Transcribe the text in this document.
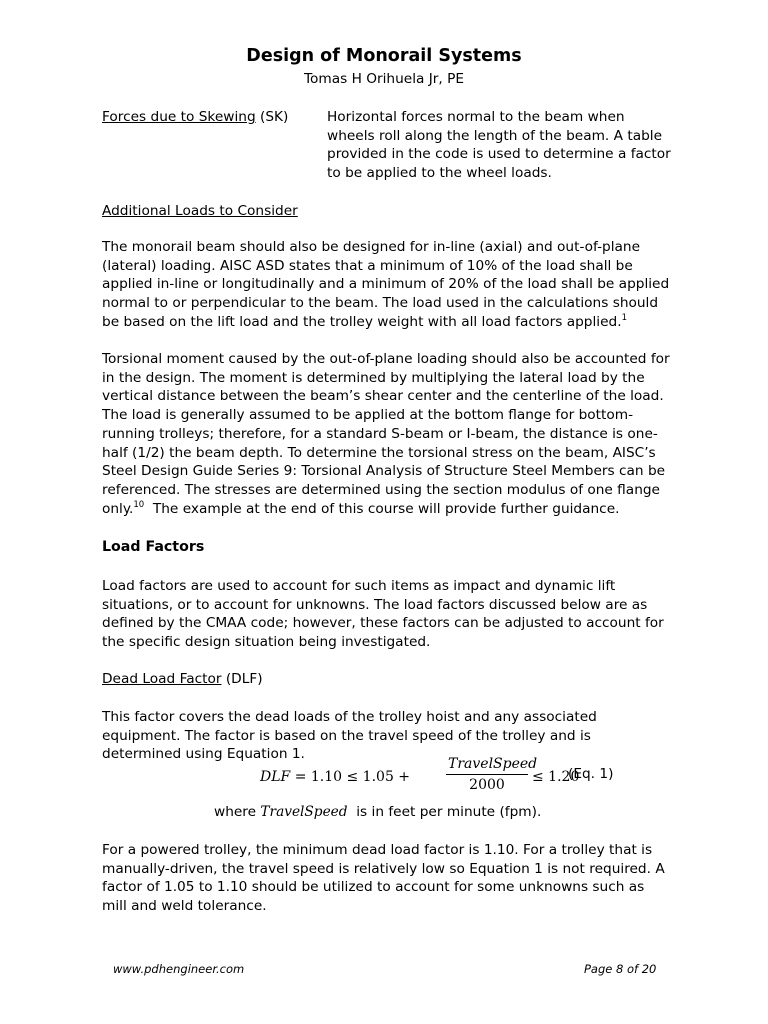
Design of Monorail Systems
Tomas H Orihuela Jr, PE
Forces due to Skewing (SK)	Horizontal forces normal to the beam when wheels roll along the length of the beam. A table provided in the code is used to determine a factor to be applied to the wheel loads.
Additional Loads to Consider

The monorail beam should also be designed for in-line (axial) and out-of-plane (lateral) loading. AISC ASD states that a minimum of 10% of the load shall be applied in-line or longitudinally and a minimum of 20% of the load shall be applied normal to or perpendicular to the beam. The load used in the calculations should be based on the lift load and the trolley weight with all load factors applied.$^1$

Torsional moment caused by the out-of-plane loading should also be accounted for in the design. The moment is determined by multiplying the lateral load by the vertical distance between the beam’s shear center and the centerline of the load. The load is generally assumed to be applied at the bottom flange for bottom-running trolleys; therefore, for a standard S-beam or I-beam, the distance is one-half (1/2) the beam depth. To determine the torsional stress on the beam, AISC’s Steel Design Guide Series 9: Torsional Analysis of Structure Steel Members can be referenced. The stresses are determined using the section modulus of one flange only.$^{10}$  The example at the end of this course will provide further guidance.

Load Factors

Load factors are used to account for such items as impact and dynamic lift situations, or to account for unknowns. The load factors discussed below are as defined by the CMAA code; however, these factors can be adjusted to account for the specific design situation being investigated.

Dead Load Factor (DLF)

This factor covers the dead loads of the trolley hoist and any associated equipment. The factor is based on the travel speed of the trolley and is determined using Equation 1.

DLF = 1.10 ≤ 1.05 +
TravelSpeed
2000	≤ 1.20
(Eq. 1)
where TravelSpeed  is in feet per minute (fpm).

For a powered trolley, the minimum dead load factor is 1.10. For a trolley that is manually-driven, the travel speed is relatively low so Equation 1 is not required. A factor of 1.05 to 1.10 should be utilized to account for some unknowns such as mill and weld tolerance.

www.pdhengineer.com	Page 8 of 20
